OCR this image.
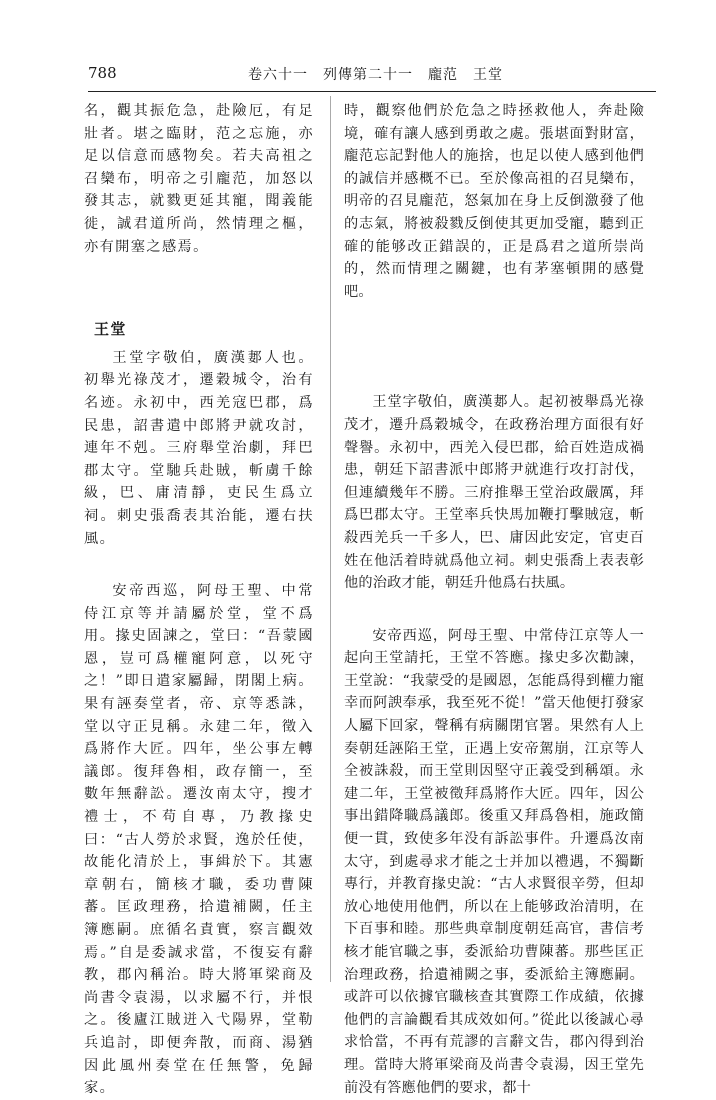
788	卷六十一　列傳第二十一　龐范　王堂

名，觀其振危急，赴險厄，有足壯者。堪之臨財，范之忘施，亦足以信意而感物矣。若夫高祖之召欒布，明帝之引龐范，加怒以發其志，就戮更延其寵，聞義能徙，誠君道所尚，然情理之樞，亦有開塞之感焉。

王堂

王堂字敬伯，廣漢郪人也。初舉光祿茂才，遷穀城令，治有名迹。永初中，西羌寇巴郡，爲民患，詔書遣中郎將尹就攻討，連年不剋。三府舉堂治劇，拜巴郡太守。堂馳兵赴賊，斬虜千餘級，巴、庸清靜，吏民生爲立祠。刺史張喬表其治能，遷右扶風。

安帝西巡，阿母王聖、中常侍江京等并請屬於堂，堂不爲用。掾史固諫之，堂曰：“吾蒙國恩，豈可爲權寵阿意，以死守之！”即日遣家屬歸，閉閣上病。果有誣奏堂者，帝、京等悉誅，堂以守正見稱。永建二年，徵入爲將作大匠。四年，坐公事左轉議郎。復拜魯相，政存簡一，至數年無辭訟。遷汝南太守，搜才禮士，不苟自專，乃教掾史曰：“古人勞於求賢，逸於任使，故能化清於上，事緝於下。其憲章朝右，簡核才職，委功曹陳蕃。匡政理務，拾遺補闕，任主簿應嗣。庶循名責實，察言觀效焉。”自是委誠求當，不復妄有辭教，郡內稱治。時大將軍梁商及尚書令袁湯，以求屬不行，并恨之。後廬江賊迸入弋陽界，堂勒兵追討，即便奔散，而商、湯猶因此風州奏堂在任無警，免歸家。

時，觀察他們於危急之時拯救他人，奔赴險境，確有讓人感到勇敢之處。張堪面對財富，龐范忘記對他人的施捨，也足以使人感到他們的誠信并感概不已。至於像高祖的召見欒布，明帝的召見龐范，怒氣加在身上反倒激發了他的志氣，將被殺戮反倒使其更加受寵，聽到正確的能够改正錯誤的，正是爲君之道所崇尚的，然而情理之關鍵，也有茅塞頓開的感覺吧。

王堂字敬伯，廣漢郪人。起初被舉爲光祿茂才，遷升爲穀城令，在政務治理方面很有好聲譽。永初中，西羌入侵巴郡，給百姓造成禍患，朝廷下詔書派中郎將尹就進行攻打討伐，但連續幾年不勝。三府推舉王堂治政嚴厲，拜爲巴郡太守。王堂率兵快馬加鞭打擊賊寇，斬殺西羌兵一千多人，巴、庸因此安定，官吏百姓在他活着時就爲他立祠。刺史張喬上表表彰他的治政才能，朝廷升他爲右扶風。

安帝西巡，阿母王聖、中常侍江京等人一起向王堂請托，王堂不答應。掾史多次勸諫，王堂說：“我蒙受的是國恩，怎能爲得到權力寵幸而阿諛奉承，我至死不從！”當天他便打發家人屬下回家，聲稱有病關閉官署。果然有人上奏朝廷誣陷王堂，正遇上安帝駕崩，江京等人全被誅殺，而王堂則因堅守正義受到稱頌。永建二年，王堂被徵拜爲將作大匠。四年，因公事出錯降職爲議郎。後重又拜爲魯相，施政簡便一貫，致使多年没有訴訟事件。升遷爲汝南太守，到處尋求才能之士并加以禮遇，不獨斷專行，并教育掾史說：“古人求賢很辛勞，但却放心地使用他們，所以在上能够政治清明，在下百事和睦。那些典章制度朝廷高官，書信考核才能官職之事，委派給功曹陳蕃。那些匡正治理政務，拾遺補闕之事，委派給主簿應嗣。或許可以依據官職核查其實際工作成績，依據他們的言論觀看其成效如何。”從此以後誠心尋求恰當，不再有荒謬的言辭文告，郡內得到治理。當時大將軍梁商及尚書令袁湯，因王堂先前没有答應他們的要求，都十
